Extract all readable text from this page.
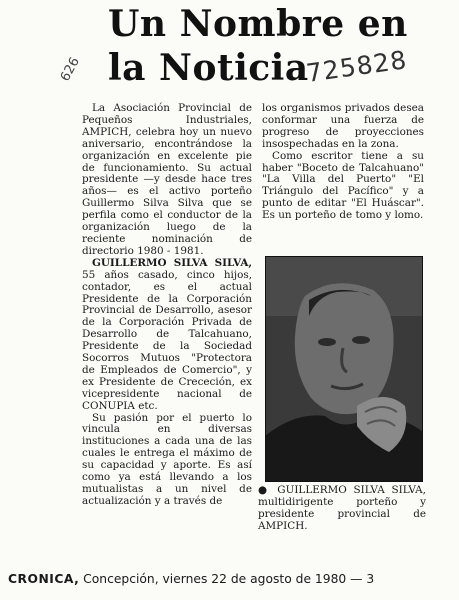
Un Nombre en
la Noticia
626	725828

La Asociación Provincial de Pequeños Industriales, AMPICH, celebra hoy un nuevo aniversario, encontrándose la organización en excelente pie de funcionamiento. Su actual presidente —y desde hace tres años— es el activo porteño Guillermo Silva Silva que se perfila como el conductor de la organización luego de la reciente nominación de directorio 1980 - 1981.

GUILLERMO SILVA SILVA, 55 años casado, cinco hijos, contador, es el actual Presidente de la Corporación Provincial de Desarrollo, asesor de la Corporación Privada de Desarrollo de Talcahuano, Presidente de la Sociedad Socorros Mutuos "Protectora de Empleados de Comercio", y ex Presidente de Crececión, ex vicepresidente nacional de CONUPIA etc.

Su pasión por el puerto lo vincula en diversas instituciones a cada una de las cuales le entrega el máximo de su capacidad y aporte. Es así como ya está llevando a los mutualistas a un nivel de actualización y a través de

los organismos privados desea conformar una fuerza de progreso de proyecciones insospechadas en la zona.

Como escritor tiene a su haber "Boceto de Talcahuano" "La Villa del Puerto" "El Triángulo del Pacífico" y a punto de editar "El Huáscar". Es un porteño de tomo y lomo.

● GUILLERMO SILVA SILVA, multidirigente porteño y presidente provincial de AMPICH.

CRONICA, Concepción, viernes 22 de agosto de 1980 — 3
